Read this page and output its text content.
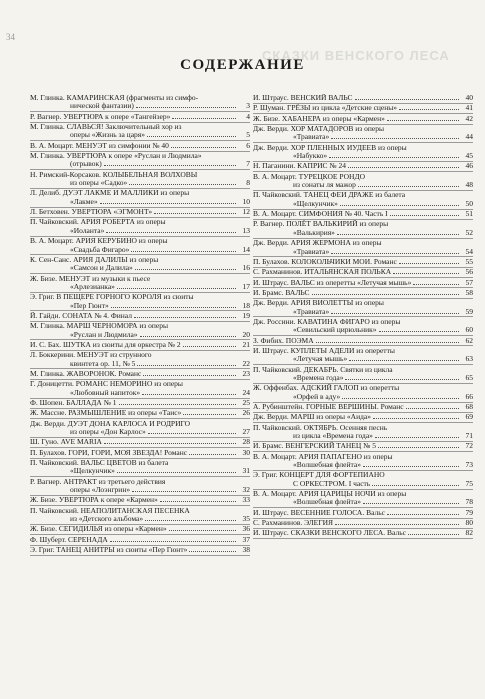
34
СКАЗКИ ВЕНСКОГО ЛЕСА
СОДЕРЖАНИЕ
М. Глинка. КАМАРИНСКАЯ (фрагменты из симфо-
нической фантазии)	3
Р. Вагнер. УВЕРТЮРА к опере «Тангейзер»	4
М. Глинка. СЛАВЬСЯ! Заключительный хор из
оперы «Жизнь за царя»	5
В. А. Моцарт. МЕНУЭТ из симфонии № 40	6
М. Глинка. УВЕРТЮРА к опере «Руслан и Людмила»
(отрывок)	7
Н. Римский-Корсаков. КОЛЫБЕЛЬНАЯ ВОЛХОВЫ
из оперы «Садко»	8
Л. Делиб. ДУЭТ ЛАКМЕ И МАЛЛИКИ из оперы
«Лакме»	10
Л. Бетховен. УВЕРТЮРА «ЭГМОНТ»	12
П. Чайковский. АРИЯ РОБЕРТА из оперы
«Иоланта»	13
В. А. Моцарт. АРИЯ КЕРУБИНО из оперы
«Свадьба Фигаро»	14
К. Сен-Санс. АРИЯ ДАЛИЛЫ из оперы
«Самсон и Далила»	16
Ж. Бизе. МЕНУЭТ из музыки к пьесе
«Арлезианка»	17
Э. Григ. В ПЕЩЕРЕ ГОРНОГО КОРОЛЯ из сюиты
«Пер Гюнт»	18
Й. Гайдн. СОНАТА № 4. Финал	19
М. Глинка. МАРШ ЧЕРНОМОРА из оперы
«Руслан и Людмила»	20
И. С. Бах. ШУТКА из сюиты для оркестра № 2	21
Л. Боккерини. МЕНУЭТ из струнного
квинтета ор. 11, № 5	22
М. Глинка. ЖАВОРОНОК. Романс	23
Г. Доницетти. РОМАНС НЕМОРИНО из оперы
«Любовный напиток»	24
Ф. Шопен. БАЛЛАДА № 1	25
Ж. Массне. РАЗМЫШЛЕНИЕ из оперы «Таис»	26
Дж. Верди. ДУЭТ ДОНА КАРЛОСА И РОДРИГО
из оперы «Дон Карлос»	27
Ш. Гуно. AVE MARIA	28
П. Булахов. ГОРИ, ГОРИ, МОЯ ЗВЕЗДА! Романс	30
П. Чайковский. ВАЛЬС ЦВЕТОВ из балета
«Щелкунчик»	31
Р. Вагнер. АНТРАКТ из третьего действия
оперы «Лоэнгрин»	32
Ж. Бизе. УВЕРТЮРА к опере «Кармен»	33
П. Чайковский. НЕАПОЛИТАНСКАЯ ПЕСЕНКА
из «Детского альбома»	35
Ж. Бизе. СЕГИДИЛЬЯ из оперы «Кармен»	36
Ф. Шуберт. СЕРЕНАДА	37
Э. Григ. ТАНЕЦ АНИТРЫ из сюиты «Пер Гюнт»	38
И. Штраус. ВЕНСКИЙ ВАЛЬС	40
Р. Шуман. ГРЁЗЫ из цикла «Детские сцены»	41
Ж. Бизе. ХАБАНЕРА из оперы «Кармен»	42
Дж. Верди. ХОР МАТАДОРОВ из оперы
«Травиата»	44
Дж. Верди. ХОР ПЛЕННЫХ ИУДЕЕВ из оперы
«Набукко»	45
Н. Паганини. КАПРИС № 24	46
В. А. Моцарт. ТУРЕЦКОЕ РОНДО
из сонаты ля мажор	48
П. Чайковский. ТАНЕЦ ФЕИ ДРАЖЕ из балета
«Щелкунчик»	50
В. А. Моцарт. СИМФОНИЯ № 40. Часть I	51
Р. Вагнер. ПОЛЁТ ВАЛЬКИРИЙ из оперы
«Валькирия»	52
Дж. Верди. АРИЯ ЖЕРМОНА из оперы
«Травиата»	54
П. Булахов. КОЛОКОЛЬЧИКИ МОИ. Романс	55
С. Рахманинов. ИТАЛЬЯНСКАЯ ПОЛЬКА	56
И. Штраус. ВАЛЬС из оперетты «Летучая мышь»	57
И. Брамс. ВАЛЬС	58
Дж. Верди. АРИЯ ВИОЛЕТТЫ из оперы
«Травиата»	59
Дж. Россини. КАВАТИНА ФИГАРО из оперы
«Севильский цирюльник»	60
З. Фибих. ПОЭМА	62
И. Штраус. КУПЛЕТЫ АДЕЛИ из оперетты
«Летучая мышь»	63
П. Чайковский. ДЕКАБРЬ. Святки из цикла
«Времена года»	65
Ж. Оффенбах. АДСКИЙ ГАЛОП из оперетты
«Орфей в аду»	66
А. Рубинштейн. ГОРНЫЕ ВЕРШИНЫ. Романс	68
Дж. Верди. МАРШ из оперы «Аида»	69
П. Чайковский. ОКТЯБРЬ. Осенняя песнь
из цикла «Времена года»	71
И. Брамс. ВЕНГЕРСКИЙ ТАНЕЦ № 5	72
В. А. Моцарт. АРИЯ ПАПАГЕНО из оперы
«Волшебная флейта»	73
Э. Григ. КОНЦЕРТ ДЛЯ ФОРТЕПИАНО
С ОРКЕСТРОМ. I часть	75
В. А. Моцарт. АРИЯ ЦАРИЦЫ НОЧИ из оперы
«Волшебная флейта»	78
И. Штраус. ВЕСЕННИЕ ГОЛОСА. Вальс	79
С. Рахманинов. ЭЛЕГИЯ	80
И. Штраус. СКАЗКИ ВЕНСКОГО ЛЕСА. Вальс	82
